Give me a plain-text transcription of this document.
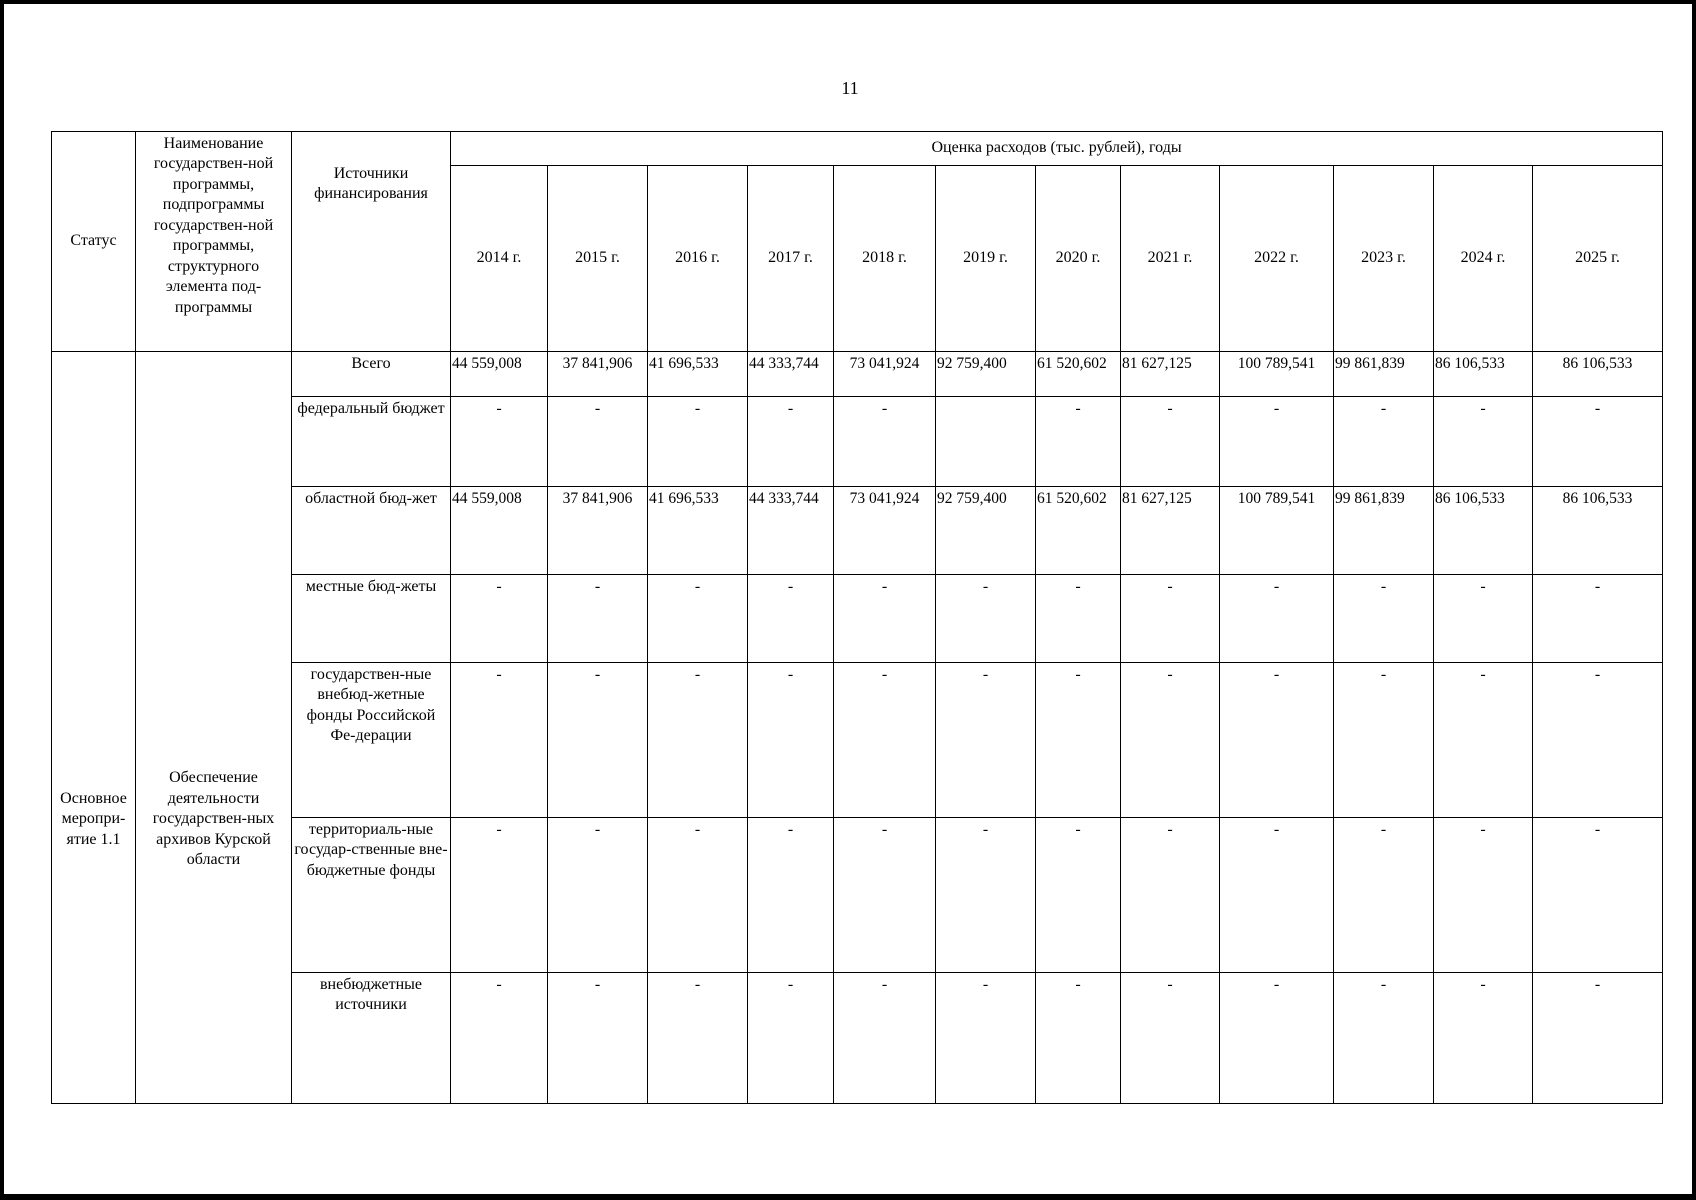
11
Статус	Наименование государствен-ной программы, подпрограммы государствен-ной программы, структурного элемента под-программы	Источники финансирования	Оценка расходов (тыс. рублей), годы											
			2014 г.	2015 г.	2016 г.	2017 г.	2018 г.	2019 г.	2020 г.	2021 г.	2022 г.	2023 г.	2024 г.	2025 г.
Основное меропри-ятие 1.1	Обеспечение деятельности государствен-ных архивов Курской области	Всего	44 559,008	37 841,906	41 696,533	44 333,744	73 041,924	92 759,400	61 520,602	81 627,125	100 789,541	99 861,839	86 106,533	86 106,533
		федеральный бюджет	-	-	-	-	-		-	-	-	-	-	-
		областной бюд-жет	44 559,008	37 841,906	41 696,533	44 333,744	73 041,924	92 759,400	61 520,602	81 627,125	100 789,541	99 861,839	86 106,533	86 106,533
		местные бюд-жеты	-	-	-	-	-	-	-	-	-	-	-	-
		государствен-ные внебюд-жетные фонды Российской Фе-дерации	-	-	-	-	-	-	-	-	-	-	-	-
		территориаль-ные государ-ственные вне-бюджетные фонды	-	-	-	-	-	-	-	-	-	-	-	-
		внебюджетные источники	-	-	-	-	-	-	-	-	-	-	-	-
